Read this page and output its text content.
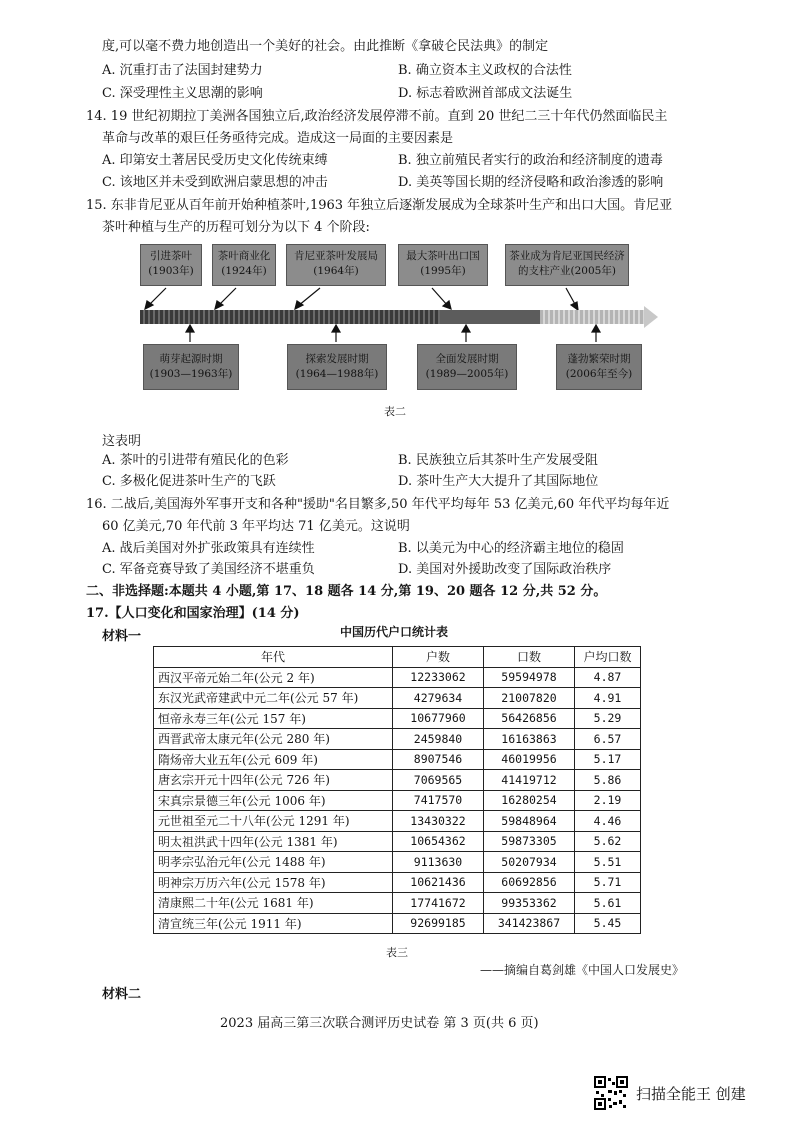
度,可以毫不费力地创造出一个美好的社会。由此推断《拿破仑民法典》的制定
A. 沉重打击了法国封建势力	B. 确立资本主义政权的合法性
C. 深受理性主义思潮的影响	D. 标志着欧洲首部成文法诞生
14. 19 世纪初期拉丁美洲各国独立后,政治经济发展停滞不前。直到 20 世纪二三十年代仍然面临民主
革命与改革的艰巨任务亟待完成。造成这一局面的主要因素是
A. 印第安土著居民受历史文化传统束缚	B. 独立前殖民者实行的政治和经济制度的遗毒
C. 该地区并未受到欧洲启蒙思想的冲击	D. 美英等国长期的经济侵略和政治渗透的影响
15. 东非肯尼亚从百年前开始种植茶叶,1963 年独立后逐渐发展成为全球茶叶生产和出口大国。肯尼亚
茶叶种植与生产的历程可划分为以下 4 个阶段:
引进茶叶
(1903年)
茶叶商业化
(1924年)
肯尼亚茶叶发展局
(1964年)
最大茶叶出口国
(1995年)
茶业成为肯尼亚国民经济
的支柱产业(2005年)
萌芽起源时期
(1903—1963年)
探索发展时期
(1964—1988年)
全面发展时期
(1989—2005年)
蓬勃繁荣时期
(2006年至今)
表二
这表明
A. 茶叶的引进带有殖民化的色彩	B. 民族独立后其茶叶生产发展受阻
C. 多极化促进茶叶生产的飞跃	D. 茶叶生产大大提升了其国际地位
16. 二战后,美国海外军事开支和各种"援助"名目繁多,50 年代平均每年 53 亿美元,60 年代平均每年近
60 亿美元,70 年代前 3 年平均达 71 亿美元。这说明
A. 战后美国对外扩张政策具有连续性	B. 以美元为中心的经济霸主地位的稳固
C. 军备竞赛导致了美国经济不堪重负	D. 美国对外援助改变了国际政治秩序
二、非选择题:本题共 4 小题,第 17、18 题各 14 分,第 19、20 题各 12 分,共 52 分。
17.【人口变化和国家治理】(14 分)
材料一	中国历代户口统计表
年代	户数	口数	户均口数
西汉平帝元始二年(公元 2 年)	12233062	59594978	4.87
东汉光武帝建武中元二年(公元 57 年)	4279634	21007820	4.91
恒帝永寿三年(公元 157 年)	10677960	56426856	5.29
西晋武帝太康元年(公元 280 年)	2459840	16163863	6.57
隋炀帝大业五年(公元 609 年)	8907546	46019956	5.17
唐玄宗开元十四年(公元 726 年)	7069565	41419712	5.86
宋真宗景德三年(公元 1006 年)	7417570	16280254	2.19
元世祖至元二十八年(公元 1291 年)	13430322	59848964	4.46
明太祖洪武十四年(公元 1381 年)	10654362	59873305	5.62
明孝宗弘治元年(公元 1488 年)	9113630	50207934	5.51
明神宗万历六年(公元 1578 年)	10621436	60692856	5.71
清康熙二十年(公元 1681 年)	17741672	99353362	5.61
清宣统三年(公元 1911 年)	92699185	341423867	5.45
表三
——摘编自葛剑雄《中国人口发展史》
材料二
2023 届高三第三次联合测评历史试卷 第 3 页(共 6 页)
扫描全能王 创建
